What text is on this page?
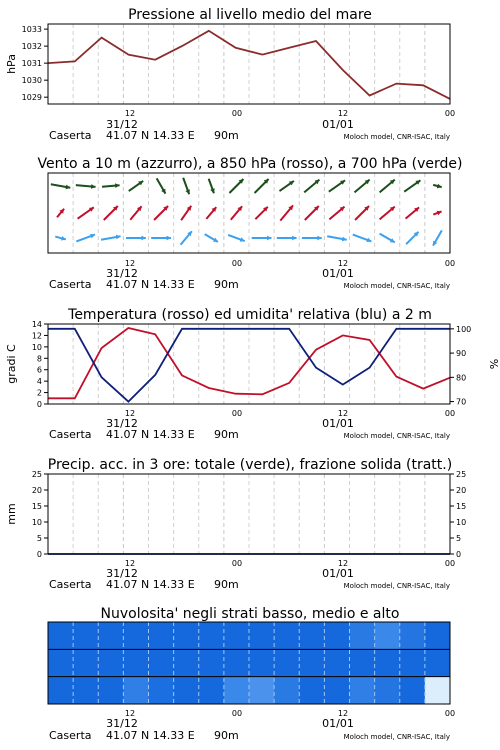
Pressione al livello medio del mare
hPa
1029
1030
1031
1032
1033
12	00	12	00
31/12	01/01
Caserta 41.07 N 14.33 E 90m	Moloch model, CNR-ISAC, Italy
Vento a 10 m (azzurro), a 850 hPa (rosso), a 700 hPa (verde)
12	00	12	00
31/12	01/01
Caserta 41.07 N 14.33 E 90m	Moloch model, CNR-ISAC, Italy
Temperatura (rosso) ed umidita' relativa (blu) a 2 m
gradi C	%
0
2
4
6
8
10
12
14
70
80
90
100
12	00	12	00
31/12	01/01
Caserta 41.07 N 14.33 E 90m	Moloch model, CNR-ISAC, Italy
Precip. acc. in 3 ore: totale (verde), frazione solida (tratt.)
mm
0
5
10
15
20
25
0
5
10
15
20
25
12	00	12	00
31/12	01/01
Caserta 41.07 N 14.33 E 90m	Moloch model, CNR-ISAC, Italy
Nuvolosita' negli strati basso, medio e alto
12	00	12	00
31/12	01/01
Caserta 41.07 N 14.33 E 90m	Moloch model, CNR-ISAC, Italy
